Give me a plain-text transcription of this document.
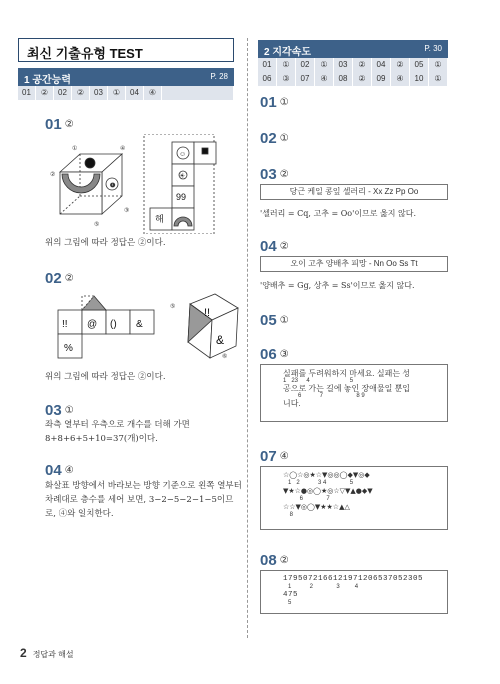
최신 기출유형 TEST
1 공간능력	P. 28
01	②	02	②	03	①	04	④
2 지각속도	P. 30
01	①	02	①	03	②	04	②	05	①
06	③	07	④	08	②	09	④	10	①
01 ②
☺
①	④
②
⑤
③
☺
☀
99
해
위의 그림에 따라 정답은 ②이다.
02 ②
!! @ () &
%
!!
&
⑤
⑥
위의 그림에 따라 정답은 ②이다.
03 ①
좌측 열부터 우측으로 개수를 더해 가면
8+8+6+5+10=37(개)이다.
04 ④
화살표 방향에서 바라보는 방향 기준으로 왼쪽 열부터
차례대로 층수를 세어 보면, 3−2−5−2−1−5이므
로, ④와 일치한다.
01 ①
02 ①
03 ②
당근 케일 콩잎 셀러리 - Xx Zz Pp Oo
'셀러리 = Cq, 고추 = Oo'이므로 옳지 않다.
04 ②
오이 고추 양배추 피망 - Nn Oo Ss Tt
'양배추 = Gg, 상추 = Ss'이므로 옳지 않다.
05 ①
06 ③
실패를 두려워하지 마세요. 실패는 성
1   23     4                        5
공으로 가는 길에 놓인 장애물일 뿐입
6           7                    8 9
니다.
07 ④
☆◯☆◎★☆▼◎◎◯◆▼◎◆
1   2           3 4              5
▼★☆●◎◯★◎☆▽▼▲●◆▼
6              7
☆☆▼◎◯▼★★☆▲△
8
08 ②
17950721661219712065370523​05
1           2              3         4
475
5
2 정답과 해설
